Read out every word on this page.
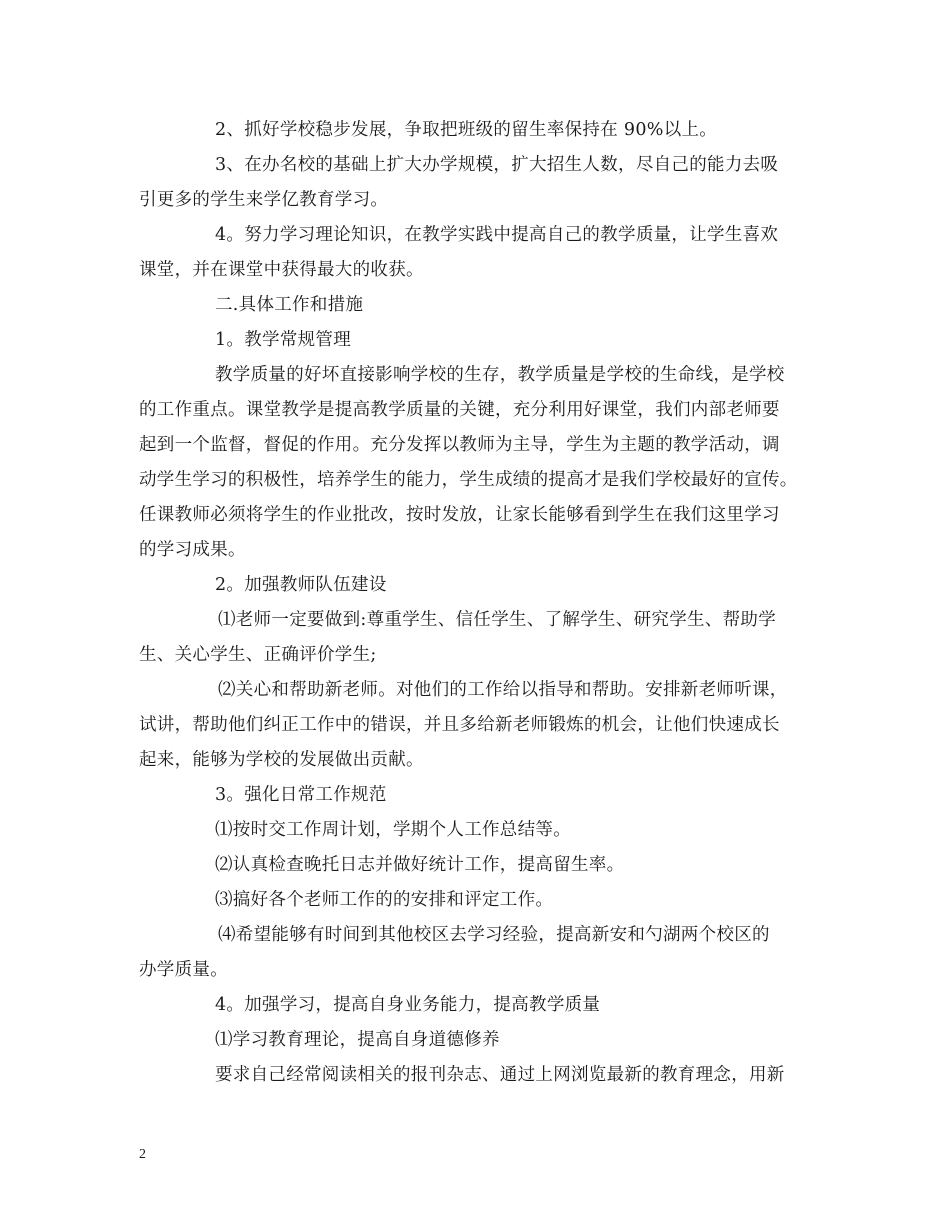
2、抓好学校稳步发展，争取把班级的留生率保持在 90%以上。
3、在办名校的基础上扩大办学规模，扩大招生人数，尽自己的能力去吸
引更多的学生来学亿教育学习。
4。努力学习理论知识，在教学实践中提高自己的教学质量，让学生喜欢
课堂，并在课堂中获得最大的收获。
二.具体工作和措施
1。教学常规管理
教学质量的好坏直接影响学校的生存，教学质量是学校的生命线，是学校
的工作重点。课堂教学是提高教学质量的关键，充分利用好课堂，我们内部老师要
起到一个监督，督促的作用。充分发挥以教师为主导，学生为主题的教学活动，调
动学生学习的积极性，培养学生的能力，学生成绩的提高才是我们学校最好的宣传。
任课教师必须将学生的作业批改，按时发放，让家长能够看到学生在我们这里学习
的学习成果。
2。加强教师队伍建设
⑴老师一定要做到:尊重学生、信任学生、了解学生、研究学生、帮助学
生、关心学生、正确评价学生;
⑵关心和帮助新老师。对他们的工作给以指导和帮助。安排新老师听课，
试讲，帮助他们纠正工作中的错误，并且多给新老师锻炼的机会，让他们快速成长
起来，能够为学校的发展做出贡献。
3。强化日常工作规范
⑴按时交工作周计划，学期个人工作总结等。
⑵认真检查晚托日志并做好统计工作，提高留生率。
⑶搞好各个老师工作的的安排和评定工作。
⑷希望能够有时间到其他校区去学习经验，提高新安和勺湖两个校区的
办学质量。
4。加强学习，提高自身业务能力，提高教学质量
⑴学习教育理论，提高自身道德修养
要求自己经常阅读相关的报刊杂志、通过上网浏览最新的教育理念，用新
2
